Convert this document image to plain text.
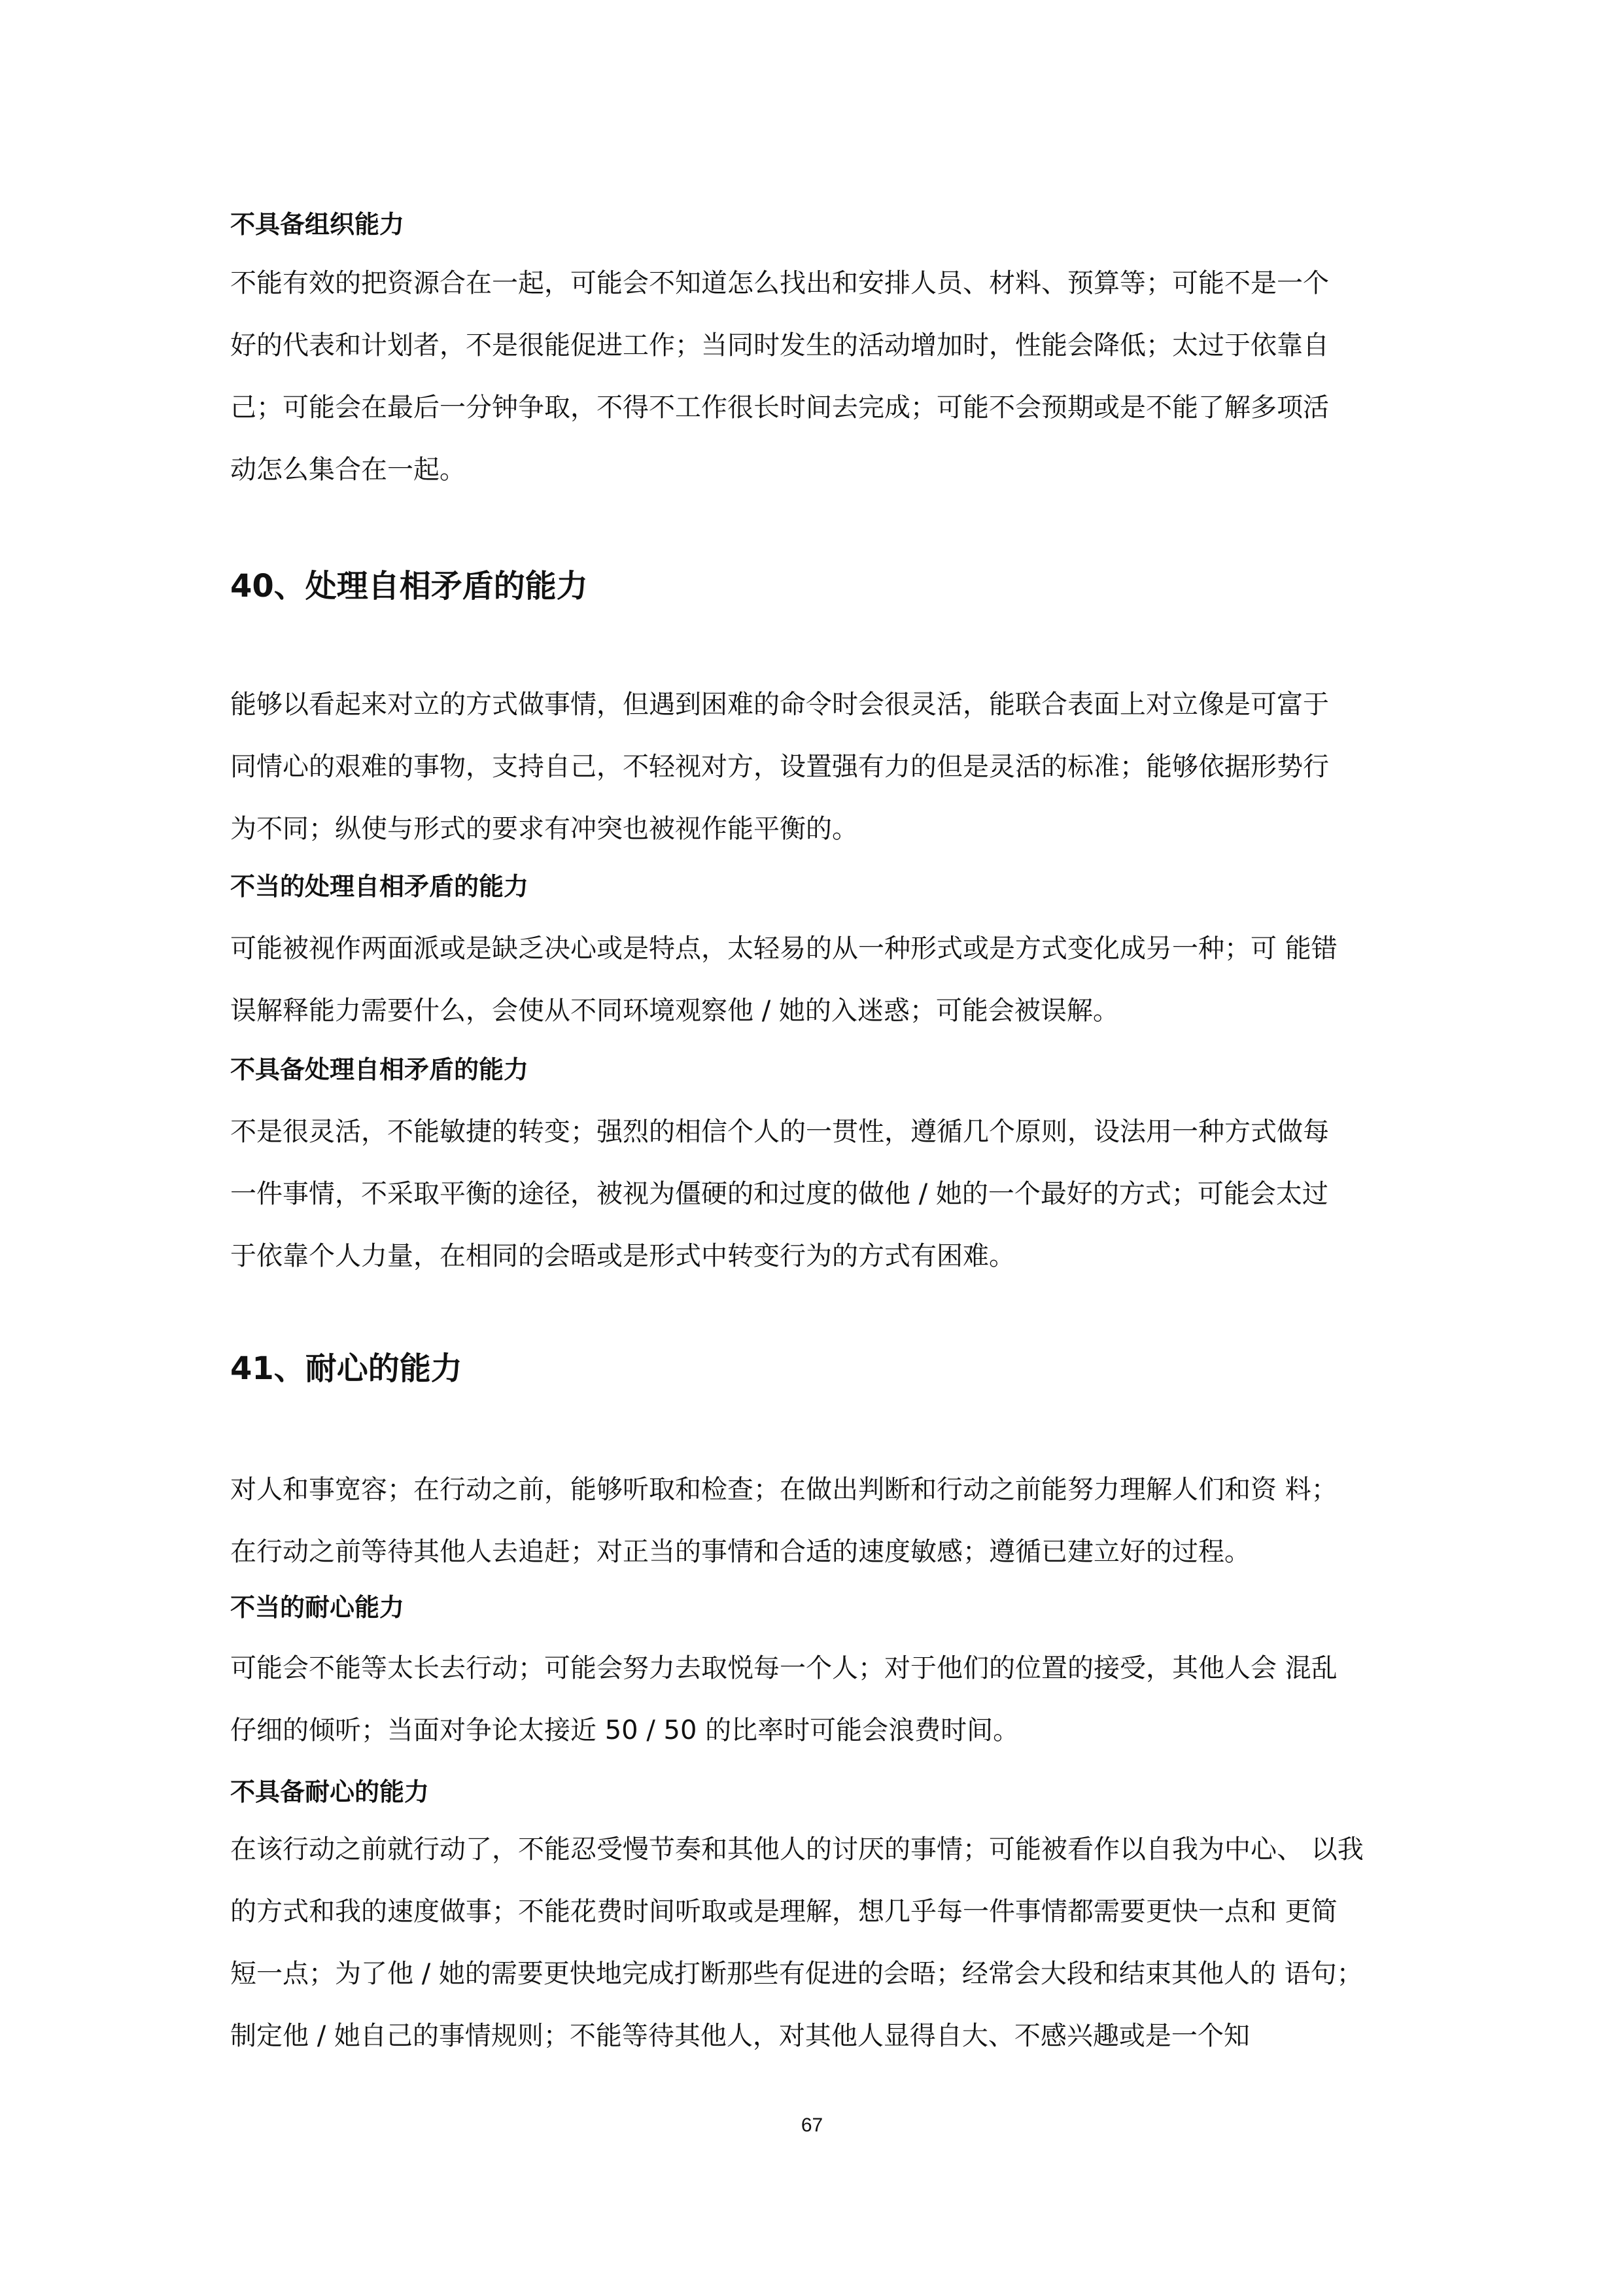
不具备组织能力
不能有效的把资源合在一起，可能会不知道怎么找出和安排人员、材料、预算等；可能不是一个
好的代表和计划者，不是很能促进工作；当同时发生的活动增加时，性能会降低；太过于依靠自
己；可能会在最后一分钟争取，不得不工作很长时间去完成；可能不会预期或是不能了解多项活
动怎么集合在一起。
40、处理自相矛盾的能力
能够以看起来对立的方式做事情，但遇到困难的命令时会很灵活，能联合表面上对立像是可富于
同情心的艰难的事物，支持自己，不轻视对方，设置强有力的但是灵活的标准；能够依据形势行
为不同；纵使与形式的要求有冲突也被视作能平衡的。
不当的处理自相矛盾的能力
可能被视作两面派或是缺乏决心或是特点，太轻易的从一种形式或是方式变化成另一种；可 能错
误解释能力需要什么，会使从不同环境观察他 / 她的入迷惑；可能会被误解。
不具备处理自相矛盾的能力
不是很灵活，不能敏捷的转变；强烈的相信个人的一贯性，遵循几个原则，设法用一种方式做每
一件事情，不采取平衡的途径，被视为僵硬的和过度的做他 / 她的一个最好的方式；可能会太过
于依靠个人力量，在相同的会晤或是形式中转变行为的方式有困难。
41、耐心的能力
对人和事宽容；在行动之前，能够听取和检查；在做出判断和行动之前能努力理解人们和资 料；
在行动之前等待其他人去追赶；对正当的事情和合适的速度敏感；遵循已建立好的过程。
不当的耐心能力
可能会不能等太长去行动；可能会努力去取悦每一个人；对于他们的位置的接受，其他人会 混乱
仔细的倾听；当面对争论太接近 50 / 50 的比率时可能会浪费时间。
不具备耐心的能力
在该行动之前就行动了，不能忍受慢节奏和其他人的讨厌的事情；可能被看作以自我为中心、 以我
的方式和我的速度做事；不能花费时间听取或是理解，想几乎每一件事情都需要更快一点和 更简
短一点；为了他 / 她的需要更快地完成打断那些有促进的会晤；经常会大段和结束其他人的 语句；
制定他 / 她自己的事情规则；不能等待其他人，对其他人显得自大、不感兴趣或是一个知
67
